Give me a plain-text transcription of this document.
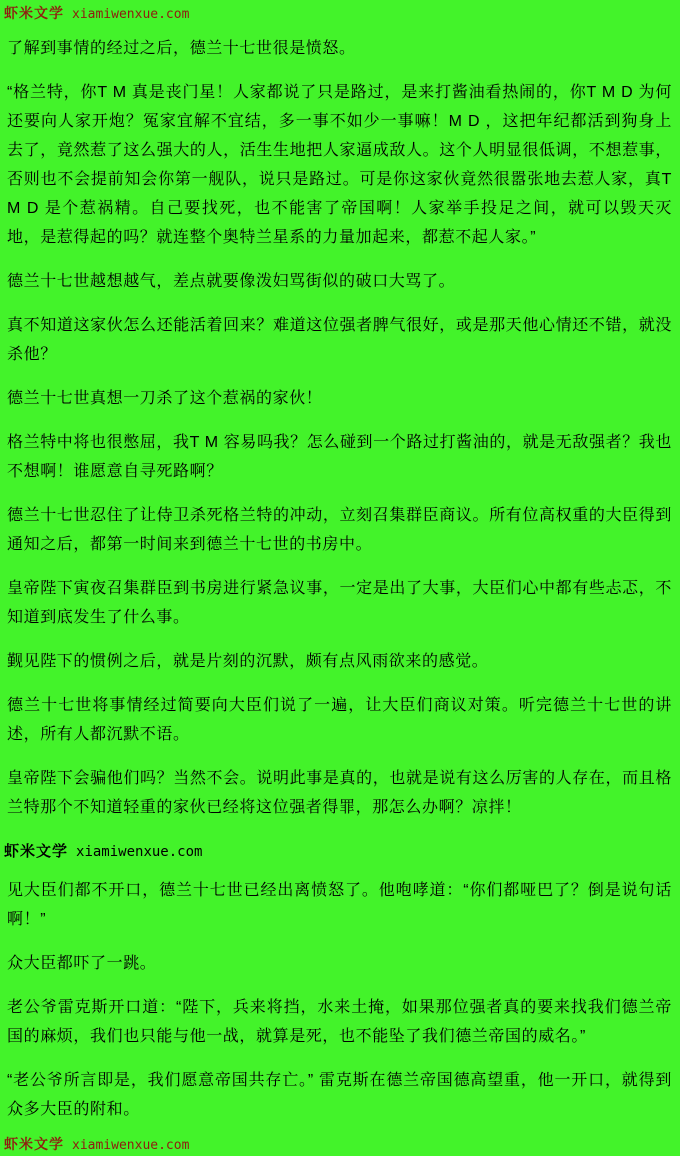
虾米文学 xiamiwenxue.com

了解到事情的经过之后，德兰十七世很是愤怒。

“格兰特，你T M 真是丧门星！人家都说了只是路过，是来打酱油看热闹的，你T M D 为何还要向人家开炮？冤家宜解不宜结，多一事不如少一事嘛！M D ，这把年纪都活到狗身上去了，竟然惹了这么强大的人，活生生地把人家逼成敌人。这个人明显很低调，不想惹事，否则也不会提前知会你第一舰队，说只是路过。可是你这家伙竟然很嚣张地去惹人家，真T M D 是个惹祸精。自己要找死，也不能害了帝国啊！人家举手投足之间，就可以毁天灭地，是惹得起的吗？就连整个奥特兰星系的力量加起来，都惹不起人家。”

德兰十七世越想越气，差点就要像泼妇骂街似的破口大骂了。

真不知道这家伙怎么还能活着回来？难道这位强者脾气很好，或是那天他心情还不错，就没杀他？

德兰十七世真想一刀杀了这个惹祸的家伙！

格兰特中将也很憋屈，我T M 容易吗我？怎么碰到一个路过打酱油的，就是无敌强者？我也不想啊！谁愿意自寻死路啊？

德兰十七世忍住了让侍卫杀死格兰特的冲动，立刻召集群臣商议。所有位高权重的大臣得到通知之后，都第一时间来到德兰十七世的书房中。

皇帝陛下寅夜召集群臣到书房进行紧急议事，一定是出了大事，大臣们心中都有些忐忑，不知道到底发生了什么事。

觐见陛下的惯例之后，就是片刻的沉默，颇有点风雨欲来的感觉。

德兰十七世将事情经过简要向大臣们说了一遍，让大臣们商议对策。听完德兰十七世的讲述，所有人都沉默不语。

皇帝陛下会骗他们吗？当然不会。说明此事是真的，也就是说有这么厉害的人存在，而且格兰特那个不知道轻重的家伙已经将这位强者得罪，那怎么办啊？凉拌！

虾米文学 xiamiwenxue.com

见大臣们都不开口，德兰十七世已经出离愤怒了。他咆哮道：“你们都哑巴了？倒是说句话啊！”

众大臣都吓了一跳。

老公爷雷克斯开口道：“陛下，兵来将挡，水来土掩，如果那位强者真的要来找我们德兰帝国的麻烦，我们也只能与他一战，就算是死，也不能坠了我们德兰帝国的威名。”

“老公爷所言即是，我们愿意帝国共存亡。” 雷克斯在德兰帝国德高望重，他一开口，就得到众多大臣的附和。

虾米文学 xiamiwenxue.com
